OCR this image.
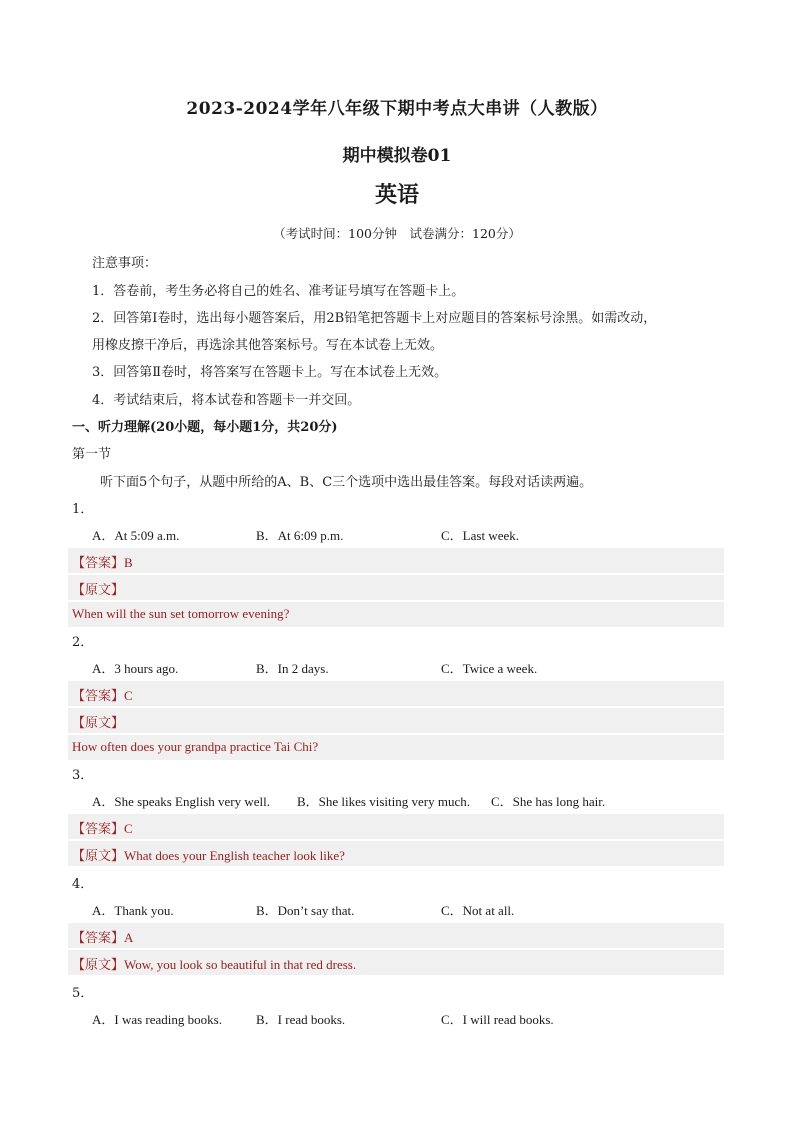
2023-2024学年八年级下期中考点大串讲（人教版）
期中模拟卷01
英语
（考试时间：100分钟　试卷满分：120分）
注意事项：
1．答卷前，考生务必将自己的姓名、准考证号填写在答题卡上。
2．回答第Ⅰ卷时，选出每小题答案后，用2B铅笔把答题卡上对应题目的答案标号涂黑。如需改动，
用橡皮擦干净后，再选涂其他答案标号。写在本试卷上无效。
3．回答第Ⅱ卷时，将答案写在答题卡上。写在本试卷上无效。
4．考试结束后，将本试卷和答题卡一并交回。
一、听力理解(20小题，每小题1分，共20分)
第一节
听下面5个句子，从题中所给的A、B、C三个选项中选出最佳答案。每段对话读两遍。
1．
A．At 5:09 a.m.	B．At 6:09 p.m.	C．Last week.
【答案】B
【原文】
When will the sun set tomorrow evening?
2．
A．3 hours ago.	B．In 2 days.	C．Twice a week.
【答案】C
【原文】
How often does your grandpa practice Tai Chi?
3．
A．She speaks English very well. B．She likes visiting very much. C．She has long hair.
【答案】C
【原文】What does your English teacher look like?
4．
A．Thank you.	B．Don’t say that.	C．Not at all.
【答案】A
【原文】Wow, you look so beautiful in that red dress.
5．
A．I was reading books.	B．I read books.	C．I will read books.
